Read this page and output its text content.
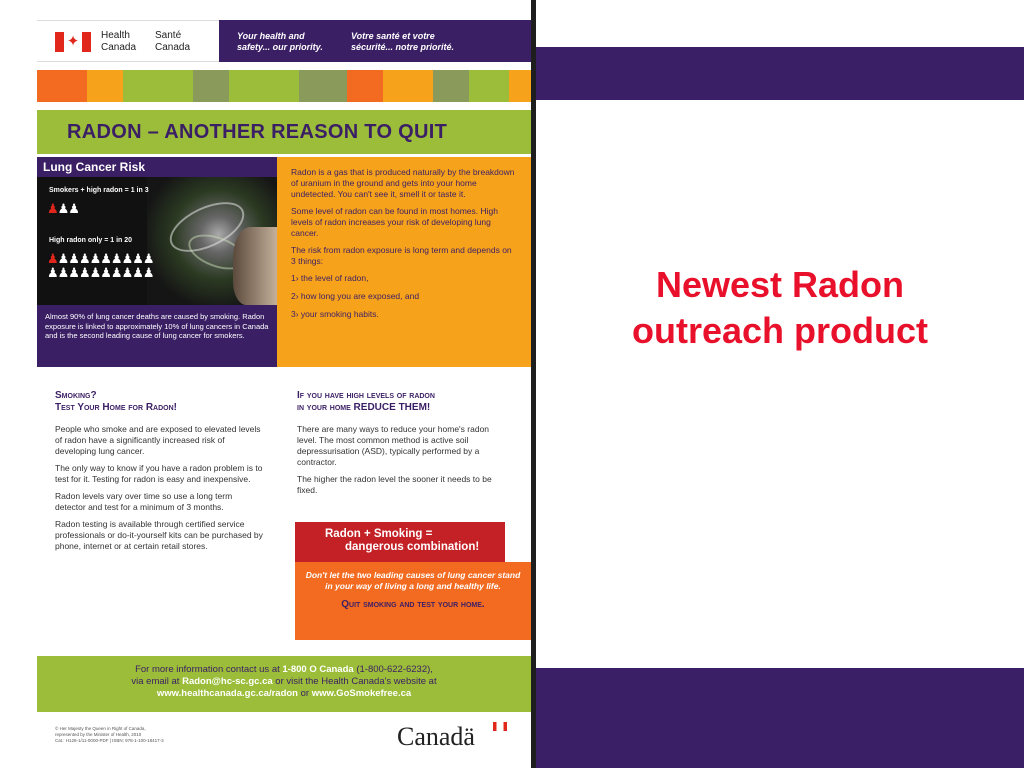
Newest Radon
outreach product
✦ Health
Canada
Santé
Canada
Your health and
safety... our priority.
Votre santé et votre
sécurité... notre priorité.
RADON – ANOTHER REASON TO QUIT
Lung Cancer Risk
Smokers + high radon = 1 in 3
♟♟♟
High radon only = 1 in 20
♟♟♟♟♟♟♟♟♟♟
♟♟♟♟♟♟♟♟♟♟
Almost 90% of lung cancer deaths are caused by smoking. Radon exposure is linked to approximately 10% of lung cancers in Canada and is the second leading cause of lung cancer for smokers.

Radon is a gas that is produced naturally by the breakdown of uranium in the ground and gets into your home undetected. You can't see it, smell it or taste it.

Some level of radon can be found in most homes. High levels of radon increases your risk of developing lung cancer.

The risk from radon exposure is long term and depends on 3 things:

1› the level of radon,
2› how long you are exposed, and
3› your smoking habits.
Smoking?
Test Your Home for Radon!

People who smoke and are exposed to elevated levels of radon have a significantly increased risk of developing lung cancer.

The only way to know if you have a radon problem is to test for it. Testing for radon is easy and inexpensive.

Radon levels vary over time so use a long term detector and test for a minimum of 3 months.

Radon testing is available through certified service professionals or do-it-yourself kits can be purchased by phone, internet or at certain retail stores.

If you have high levels of radon
in your home REDUCE THEM!

There are many ways to reduce your home's radon level. The most common method is active soil depressurisation (ASD), typically performed by a contractor.

The higher the radon level the sooner it needs to be fixed.

Radon + Smoking =
dangerous combination!
Don't let the two leading causes of lung cancer stand in your way of living a long and healthy life.
Quit smoking and test your home.
For more information contact us at 1-800 O Canada (1-800-622-6232),
via email at Radon@hc-sc.gc.ca or visit the Health Canada's website at
www.healthcanada.gc.ca/radon or www.GoSmokefree.ca
© Her Majesty the Queen in Right of Canada,
represented by the Minister of Health, 2010
Cat.: H128-1/11-0000-PDF | ISBN: 978-1-100-18417-3	Canadä
